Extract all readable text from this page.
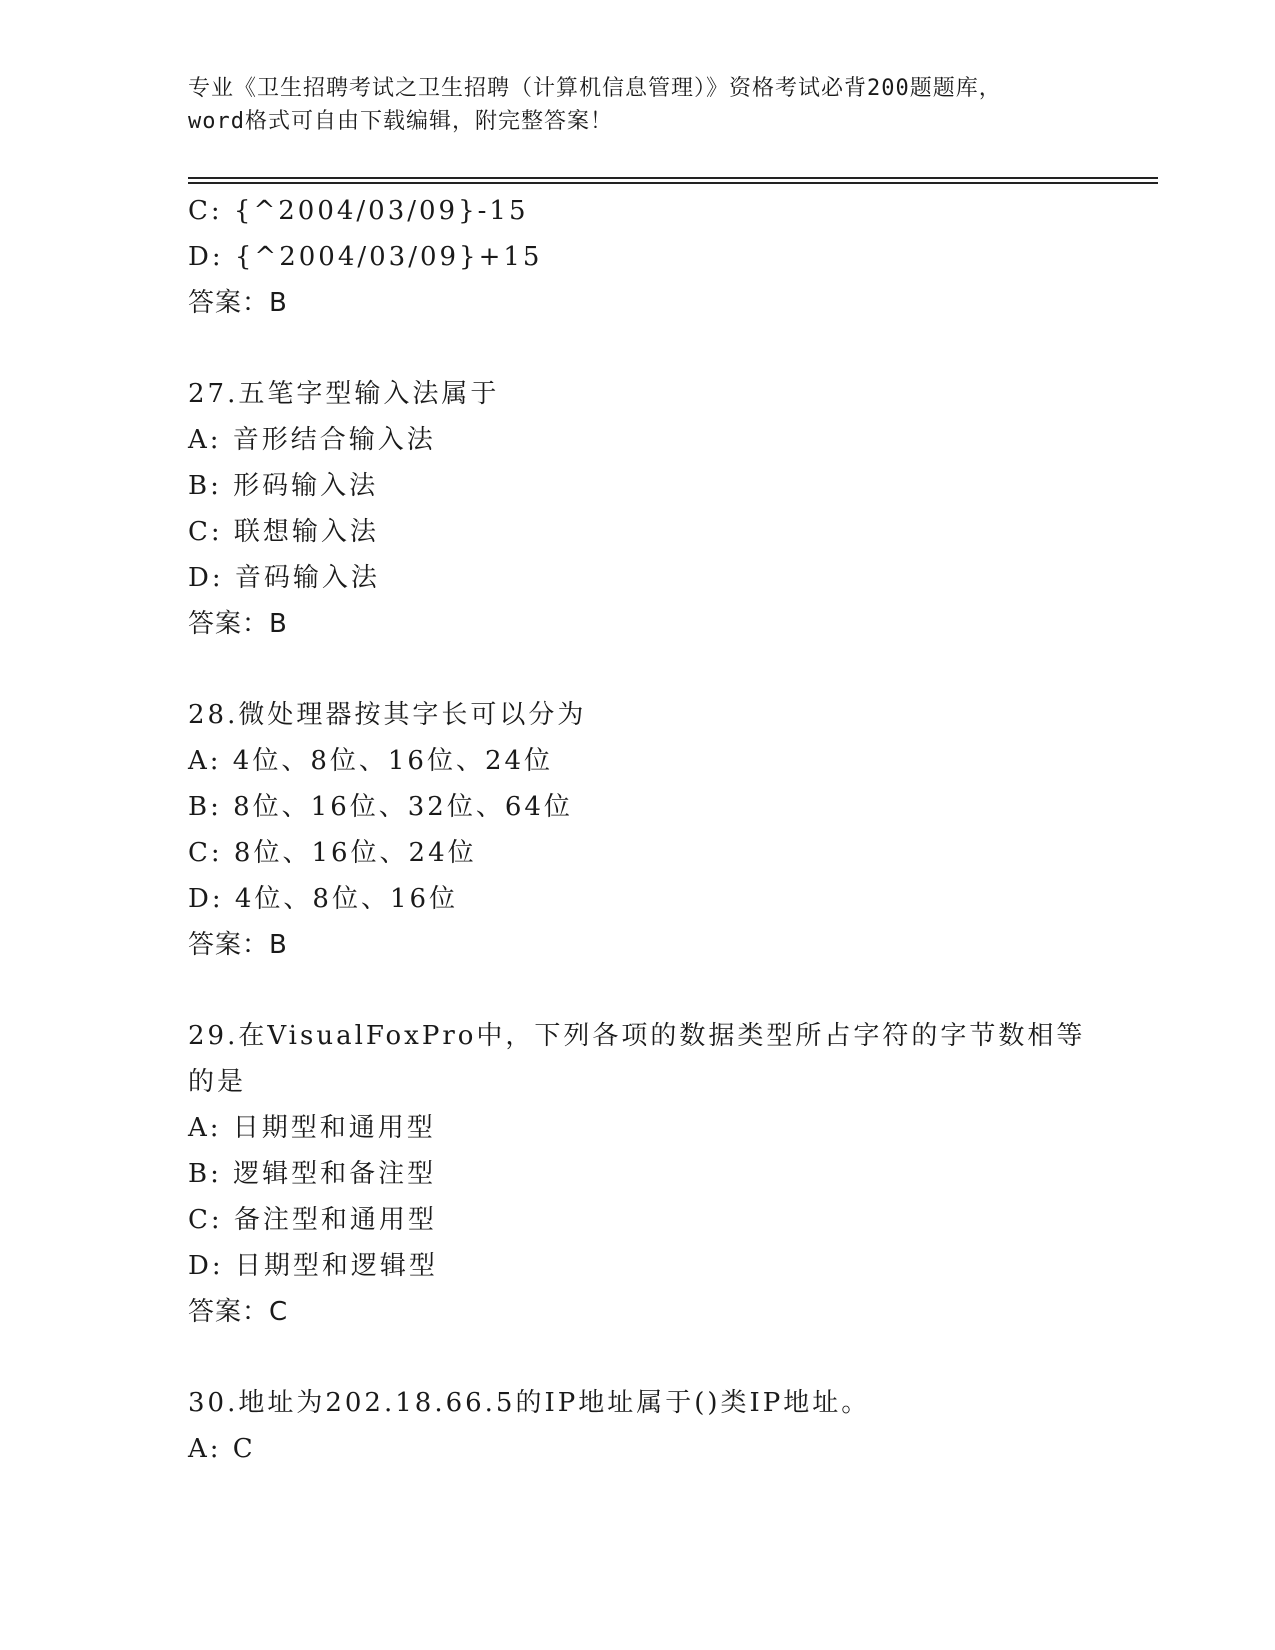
专业《卫生招聘考试之卫生招聘（计算机信息管理）》资格考试必背200题题库，
word格式可自由下载编辑，附完整答案！
C: {^2004/03/09}-15
D: {^2004/03/09}+15
答案：B
27.五笔字型输入法属于
A: 音形结合输入法
B: 形码输入法
C: 联想输入法
D: 音码输入法
答案：B
28.微处理器按其字长可以分为
A: 4位、8位、16位、24位
B: 8位、16位、32位、64位
C: 8位、16位、24位
D: 4位、8位、16位
答案：B
29.在VisualFoxPro中，下列各项的数据类型所占字符的字节数相等
的是
A: 日期型和通用型
B: 逻辑型和备注型
C: 备注型和通用型
D: 日期型和逻辑型
答案：C
30.地址为202.18.66.5的IP地址属于()类IP地址。
A: C
